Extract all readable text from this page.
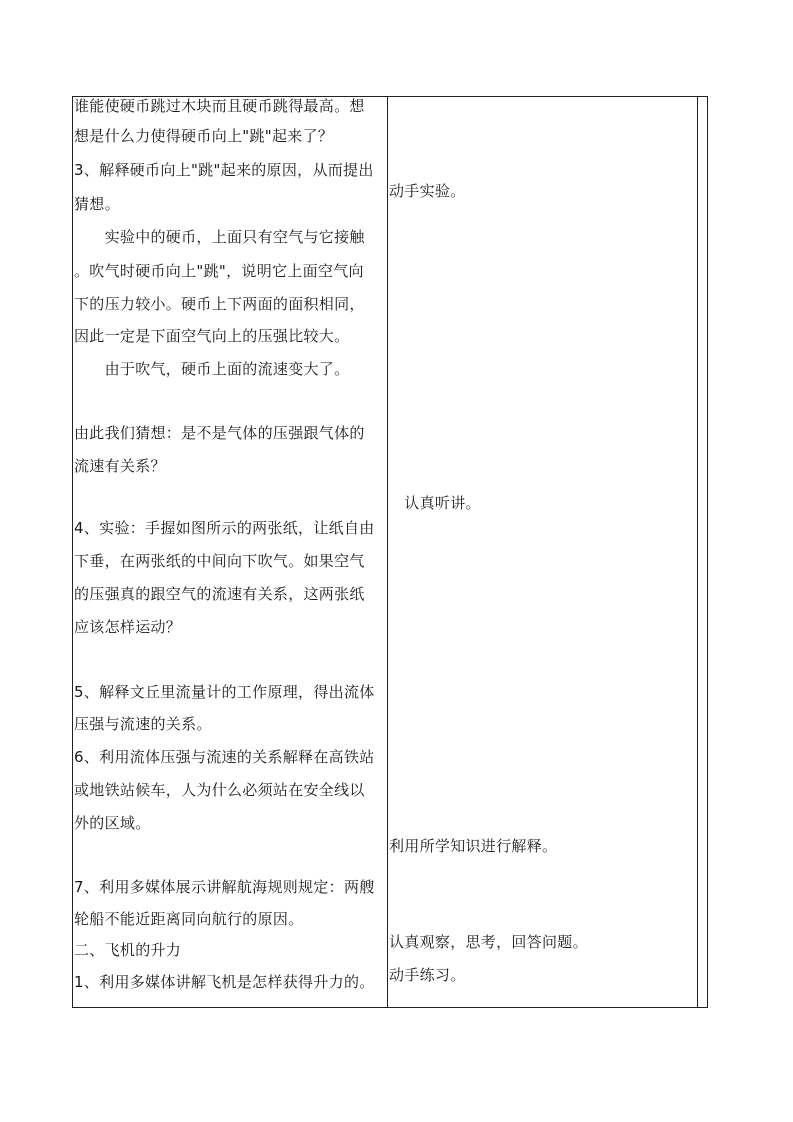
谁能使硬币跳过木块而且硬币跳得最高。想
想是什么力使得硬币向上"跳"起来了？
3、解释硬币向上"跳"起来的原因，从而提出
猜想。
　　实验中的硬币，上面只有空气与它接触
。吹气时硬币向上"跳"，说明它上面空气向
下的压力较小。硬币上下两面的面积相同，
因此一定是下面空气向上的压强比较大。
　　由于吹气，硬币上面的流速变大了。
由此我们猜想：是不是气体的压强跟气体的
流速有关系？
4、实验：手握如图所示的两张纸，让纸自由
下垂，在两张纸的中间向下吹气。如果空气
的压强真的跟空气的流速有关系，这两张纸
应该怎样运动？
5、解释文丘里流量计的工作原理，得出流体
压强与流速的关系。
6、利用流体压强与流速的关系解释在高铁站
或地铁站候车，人为什么必须站在安全线以
外的区域。
7、利用多媒体展示讲解航海规则规定：两艘
轮船不能近距离同向航行的原因。
二、飞机的升力
1、利用多媒体讲解飞机是怎样获得升力的。
动手实验。
　认真听讲。
利用所学知识进行解释。
认真观察，思考，回答问题。
动手练习。
